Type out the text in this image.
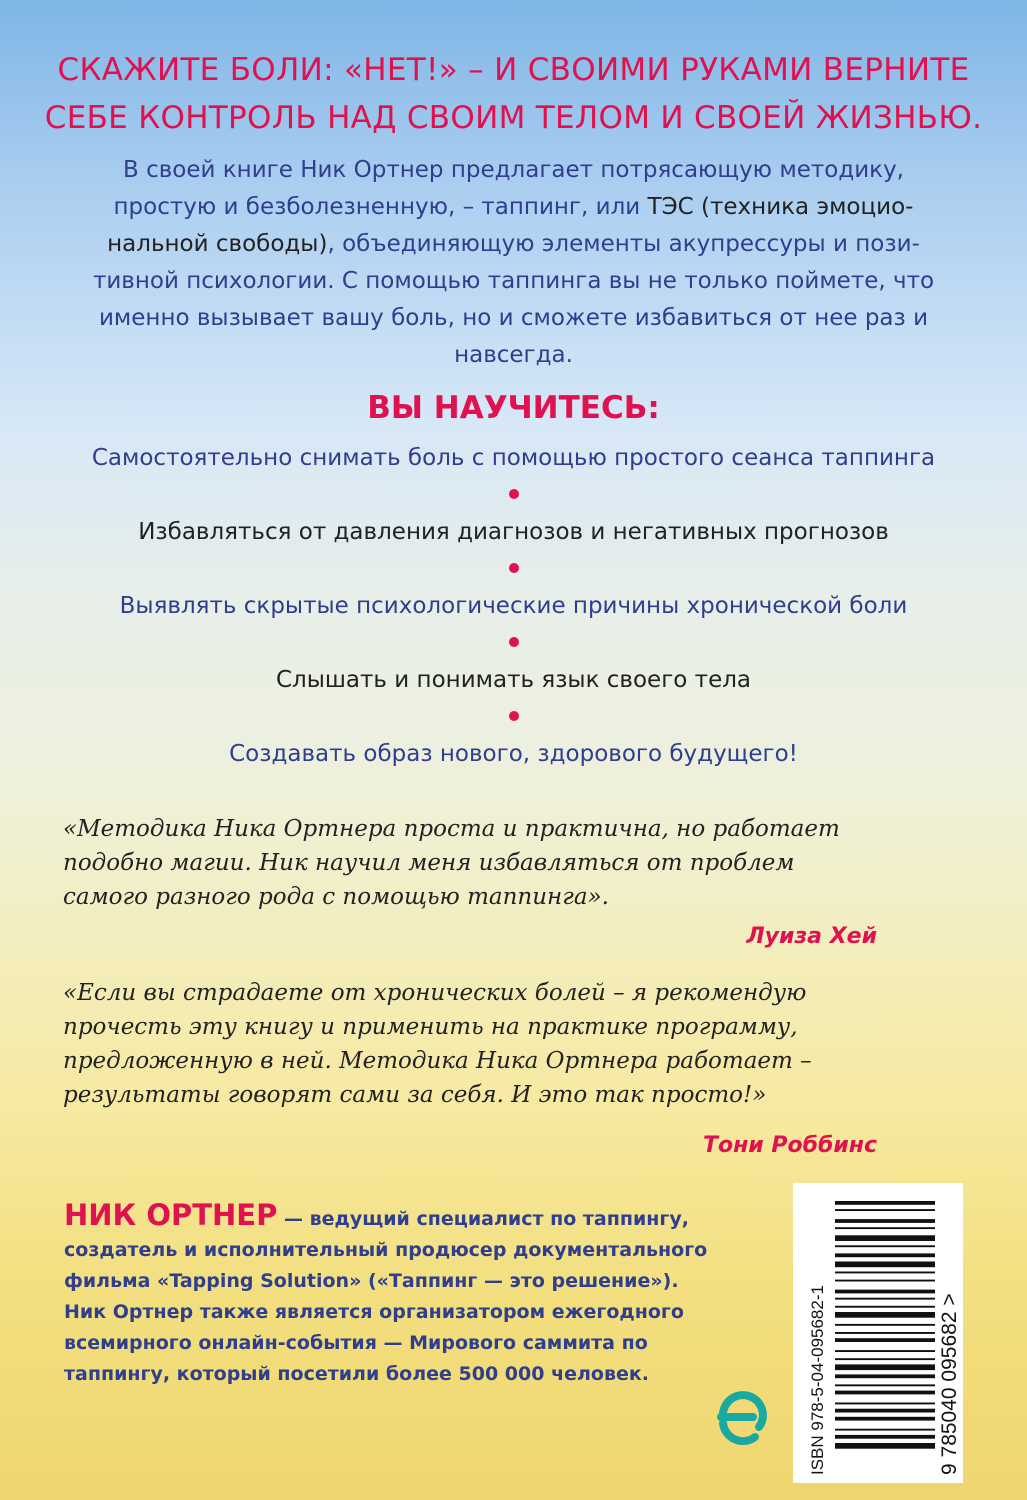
СКАЖИТЕ БОЛИ: «НЕТ!» – И СВОИМИ РУКАМИ ВЕРНИТЕ
СЕБЕ КОНТРОЛЬ НАД СВОИМ ТЕЛОМ И СВОЕЙ ЖИЗНЬЮ.
В своей книге Ник Ортнер предлагает потрясающую методику, простую и безболезненную, – таппинг, или ТЭС (техника эмоциональной свободы), объединяющую элементы акупрессуры и позитивной психологии. С помощью таппинга вы не только поймете, что именно вызывает вашу боль, но и сможете избавиться от нее раз и навсегда.
ВЫ НАУЧИТЕСЬ:
Самостоятельно снимать боль с помощью простого сеанса таппинга
Избавляться от давления диагнозов и негативных прогнозов
Выявлять скрытые психологические причины хронической боли
Слышать и понимать язык своего тела
Создавать образ нового, здорового будущего!
«Методика Ника Ортнера проста и практична, но работает
подобно магии. Ник научил меня избавляться от проблем
самого разного рода с помощью таппинга».
Луиза Хей
«Если вы страдаете от хронических болей – я рекомендую
прочесть эту книгу и применить на практике программу,
предложенную в ней. Методика Ника Ортнера работает –
результаты говорят сами за себя. И это так просто!»
Тони Роббинс
НИК ОРТНЕР — ведущий специалист по таппингу,
создатель и исполнительный продюсер документального
фильма «Tapping Solution» («Таппинг — это решение»).
Ник Ортнер также является организатором ежегодного
всемирного онлайн-события — Мирового саммита по
таппингу, который посетили более 500 000 человек.	ISBN 978-5-04-095682-1	9 785040 095682 >
